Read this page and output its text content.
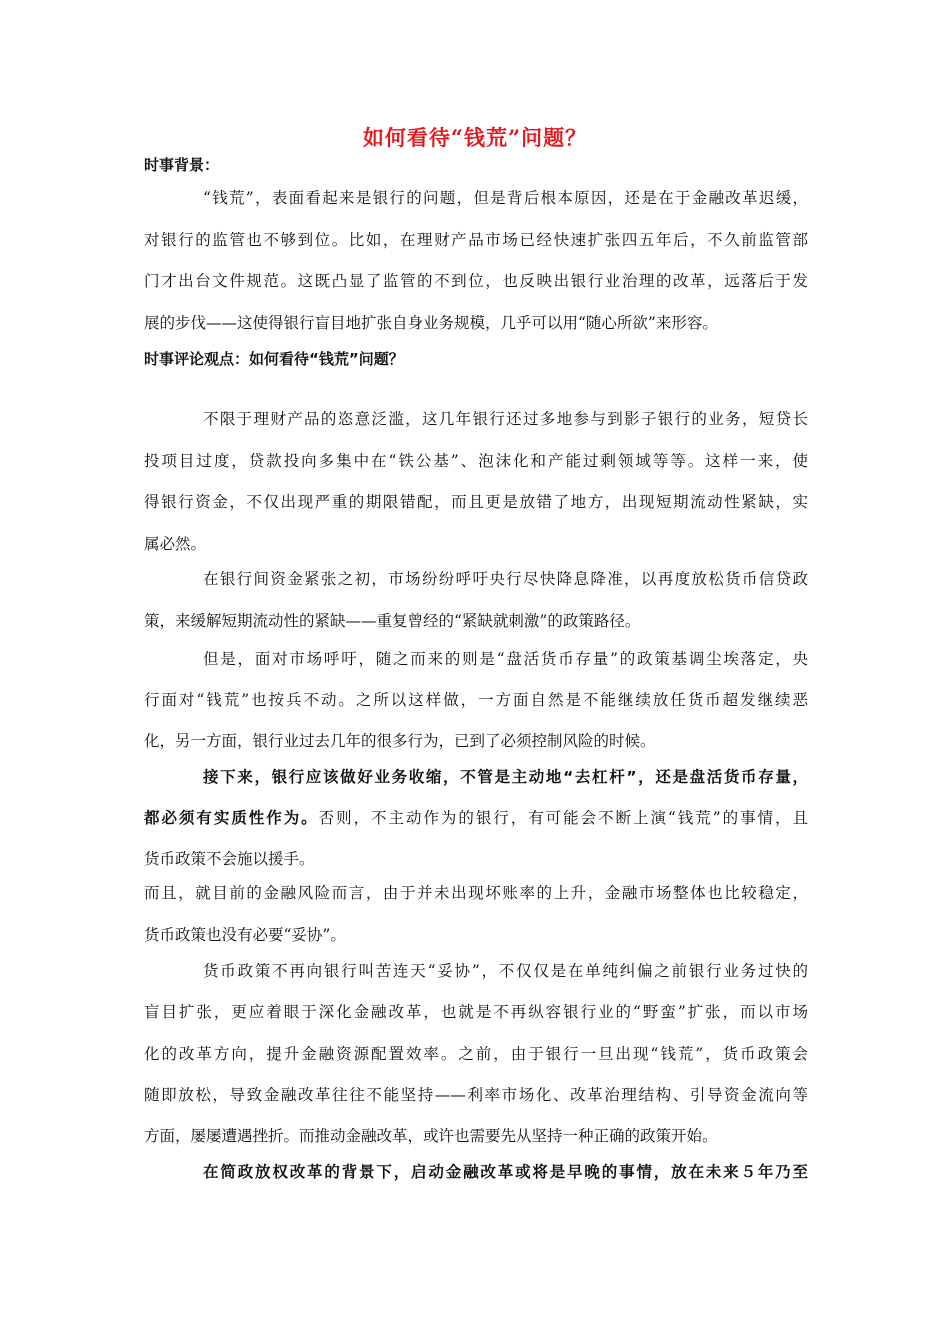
如何看待“钱荒”问题？
时事背景：
“钱荒”，表面看起来是银行的问题，但是背后根本原因，还是在于金融改革迟缓，
对银行的监管也不够到位。比如，在理财产品市场已经快速扩张四五年后，不久前监管部
门才出台文件规范。这既凸显了监管的不到位，也反映出银行业治理的改革，远落后于发
展的步伐——这使得银行盲目地扩张自身业务规模，几乎可以用“随心所欲”来形容。
时事评论观点：如何看待“钱荒”问题？
不限于理财产品的恣意泛滥，这几年银行还过多地参与到影子银行的业务，短贷长
投项目过度，贷款投向多集中在“铁公基”、泡沫化和产能过剩领域等等。这样一来，使
得银行资金，不仅出现严重的期限错配，而且更是放错了地方，出现短期流动性紧缺，实
属必然。
在银行间资金紧张之初，市场纷纷呼吁央行尽快降息降准，以再度放松货币信贷政
策，来缓解短期流动性的紧缺——重复曾经的“紧缺就刺激”的政策路径。
但是，面对市场呼吁，随之而来的则是“盘活货币存量”的政策基调尘埃落定，央
行面对“钱荒”也按兵不动。之所以这样做，一方面自然是不能继续放任货币超发继续恶
化，另一方面，银行业过去几年的很多行为，已到了必须控制风险的时候。
接下来，银行应该做好业务收缩，不管是主动地“去杠杆”，还是盘活货币存量，
都必须有实质性作为。否则，不主动作为的银行，有可能会不断上演“钱荒”的事情，且
货币政策不会施以援手。
而且，就目前的金融风险而言，由于并未出现坏账率的上升，金融市场整体也比较稳定，
货币政策也没有必要“妥协”。
货币政策不再向银行叫苦连天“妥协”，不仅仅是在单纯纠偏之前银行业务过快的
盲目扩张，更应着眼于深化金融改革，也就是不再纵容银行业的“野蛮”扩张，而以市场
化的改革方向，提升金融资源配置效率。之前，由于银行一旦出现“钱荒”，货币政策会
随即放松，导致金融改革往往不能坚持——利率市场化、改革治理结构、引导资金流向等
方面，屡屡遭遇挫折。而推动金融改革，或许也需要先从坚持一种正确的政策开始。
在简政放权改革的背景下，启动金融改革或将是早晚的事情，放在未来５年乃至
